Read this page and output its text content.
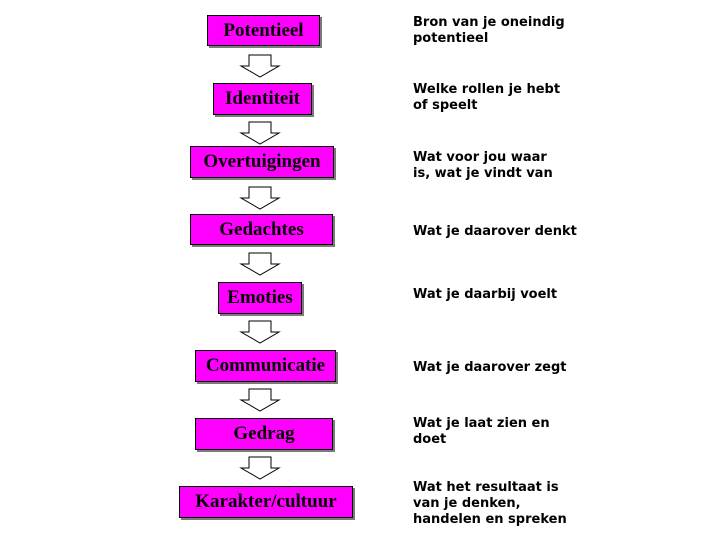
Potentieel
Identiteit
Overtuigingen
Gedachtes
Emoties
Communicatie
Gedrag
Karakter/cultuur
Bron van je oneindig
potentieel
Welke rollen je hebt
of speelt
Wat voor jou waar
is, wat je vindt van
Wat je daarover denkt
Wat je daarbij voelt
Wat je daarover zegt
Wat je laat zien en
doet
Wat het resultaat is
van je denken,
handelen en spreken
